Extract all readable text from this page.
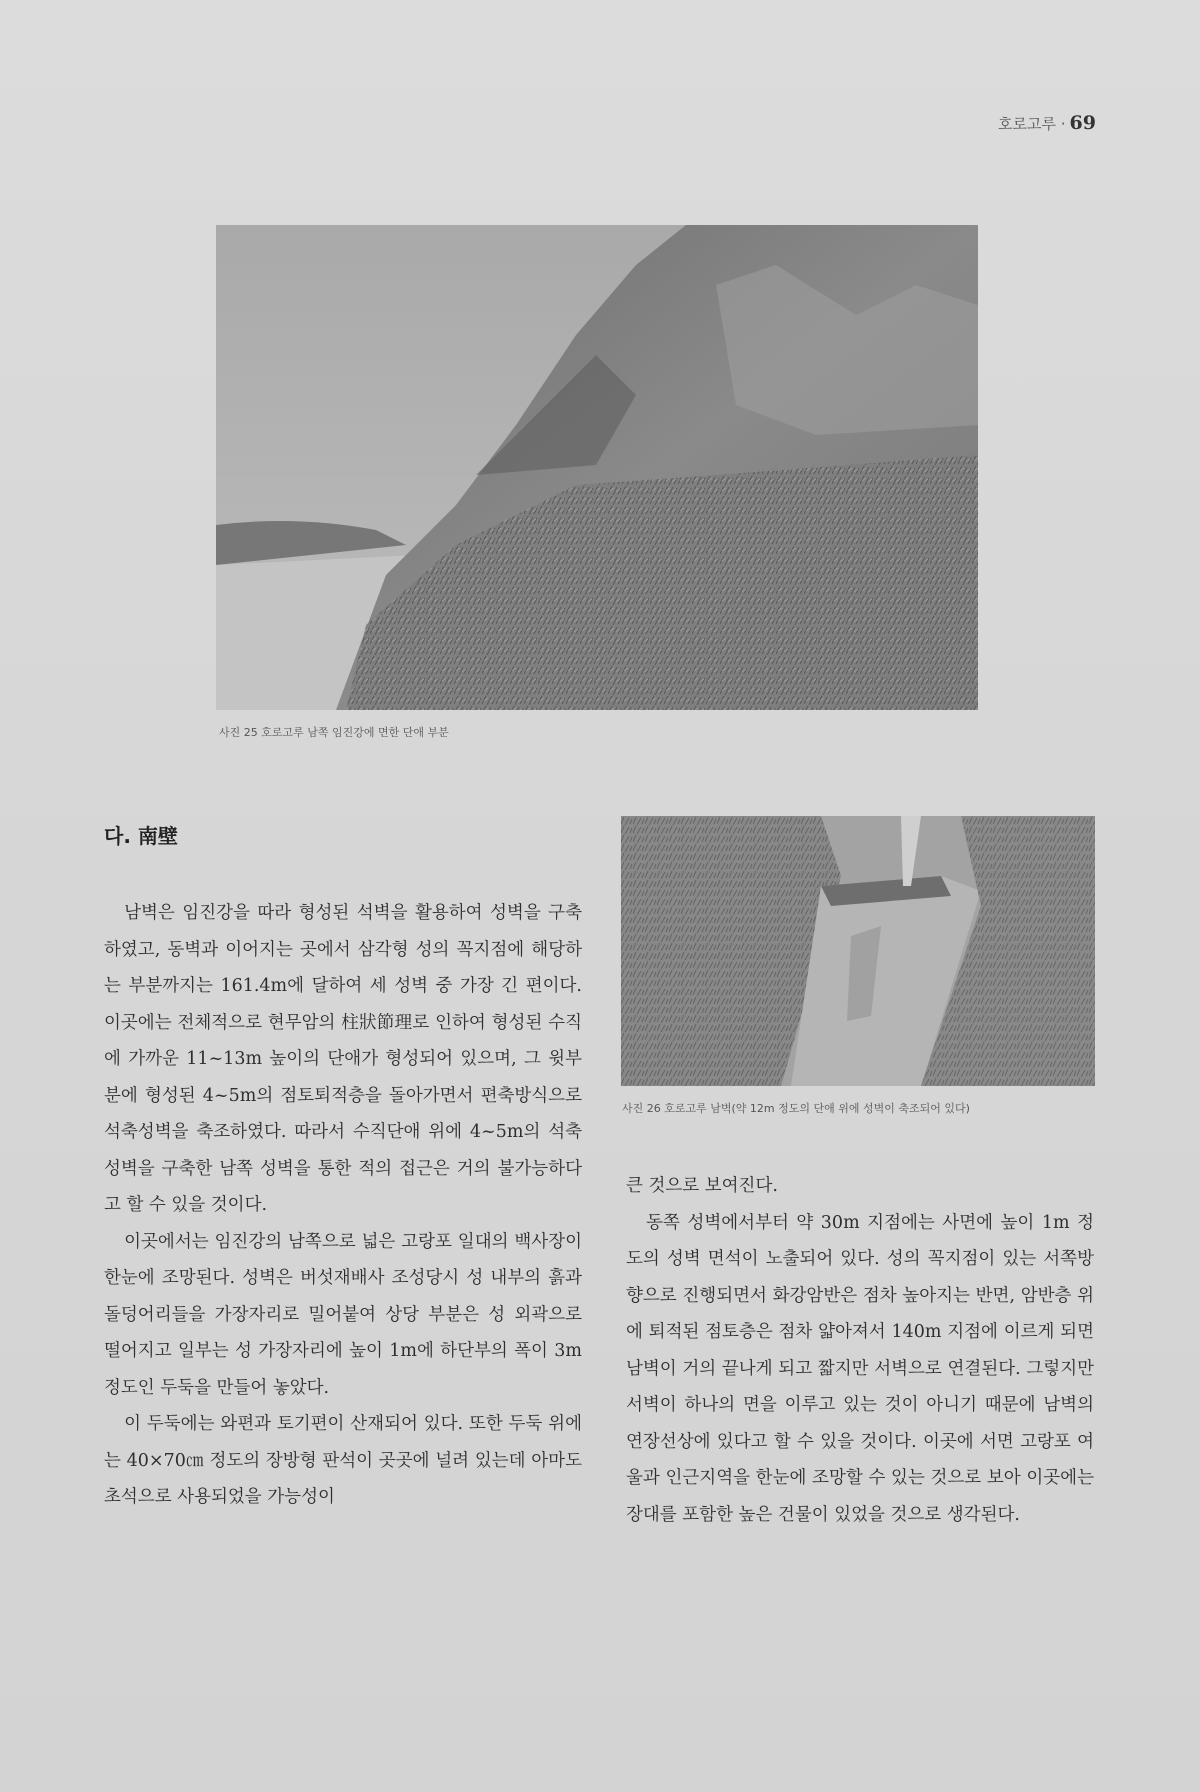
호로고루 · 69
사진 25 호로고루 남쪽 임진강에 면한 단애 부분
다. 南壁
사진 26 호로고루 남벽(약 12m 정도의 단애 위에 성벽이 축조되어 있다)

남벽은 임진강을 따라 형성된 석벽을 활용하여 성벽을 구축하였고, 동벽과 이어지는 곳에서 삼각형 성의 꼭지점에 해당하는 부분까지는 161.4m에 달하여 세 성벽 중 가장 긴 편이다. 이곳에는 전체적으로 현무암의 柱狀節理로 인하여 형성된 수직에 가까운 11~13m 높이의 단애가 형성되어 있으며, 그 윗부분에 형성된 4~5m의 점토퇴적층을 돌아가면서 편축방식으로 석축성벽을 축조하였다. 따라서 수직단애 위에 4~5m의 석축성벽을 구축한 남쪽 성벽을 통한 적의 접근은 거의 불가능하다고 할 수 있을 것이다.

이곳에서는 임진강의 남쪽으로 넓은 고랑포 일대의 백사장이 한눈에 조망된다. 성벽은 버섯재배사 조성당시 성 내부의 흙과 돌덩어리들을 가장자리로 밀어붙여 상당 부분은 성 외곽으로 떨어지고 일부는 성 가장자리에 높이 1m에 하단부의 폭이 3m 정도인 두둑을 만들어 놓았다.

이 두둑에는 와편과 토기편이 산재되어 있다. 또한 두둑 위에는 40×70㎝ 정도의 장방형 판석이 곳곳에 널려 있는데 아마도 초석으로 사용되었을 가능성이

큰 것으로 보여진다.

동쪽 성벽에서부터 약 30m 지점에는 사면에 높이 1m 정도의 성벽 면석이 노출되어 있다. 성의 꼭지점이 있는 서쪽방향으로 진행되면서 화강암반은 점차 높아지는 반면, 암반층 위에 퇴적된 점토층은 점차 얇아져서 140m 지점에 이르게 되면 남벽이 거의 끝나게 되고 짧지만 서벽으로 연결된다. 그렇지만 서벽이 하나의 면을 이루고 있는 것이 아니기 때문에 남벽의 연장선상에 있다고 할 수 있을 것이다. 이곳에 서면 고랑포 여울과 인근지역을 한눈에 조망할 수 있는 것으로 보아 이곳에는 장대를 포함한 높은 건물이 있었을 것으로 생각된다.
